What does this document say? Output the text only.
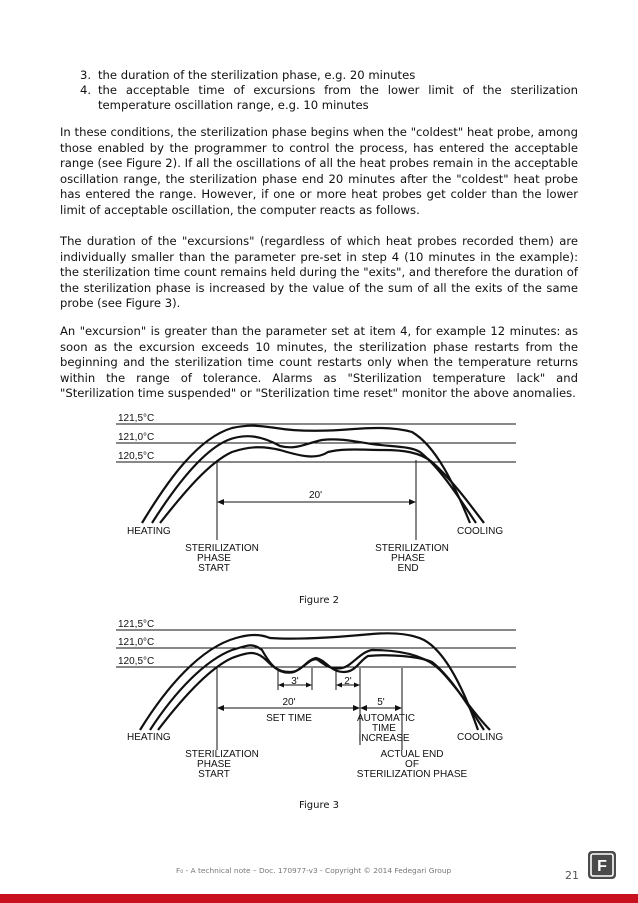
3. the duration of the sterilization phase, e.g. 20 minutes
4. the acceptable time of excursions from the lower limit of the sterilization temperature oscillation range, e.g. 10 minutes

In these conditions, the sterilization phase begins when the "coldest" heat probe, among those enabled by the programmer to control the process, has entered the acceptable range (see Figure 2). If all the oscillations of all the heat probes remain in the acceptable oscillation range, the sterilization phase end 20 minutes after the "coldest" heat probe has entered the range. However, if one or more heat probes get colder than the lower limit of acceptable oscillation, the computer reacts as follows.

The duration of the "excursions" (regardless of which heat probes recorded them) are individually smaller than the parameter pre-set in step 4 (10 minutes in the example): the sterilization time count remains held during the "exits", and therefore the duration of the sterilization phase is increased by the value of the sum of all the exits of the same probe (see Figure 3).

An "excursion" is greater than the parameter set at item 4, for example 12 minutes: as soon as the excursion exceeds 10 minutes, the sterilization phase restarts from the beginning and the sterilization time count restarts only when the temperature returns within the range of tolerance. Alarms as "Sterilization temperature lack" and "Sterilization time suspended" or "Sterilization time reset" monitor the above anomalies.

121,5°C
121,0°C
120,5°C
20'
HEATING	COOLING
STERILIZATION
PHASE
START
STERILIZATION
PHASE
END
Figure 2
121,5°C
121,0°C
120,5°C
3'	2'
20'
SET TIME
5'
AUTOMATIC
TIME
INCREASE
HEATING	COOLING
STERILIZATION
PHASE
START
ACTUAL END
OF
STERILIZATION PHASE
Figure 3
F₀ - A technical note – Doc. 170977-v3 - Copyright © 2014 Fedegari Group	21
F
